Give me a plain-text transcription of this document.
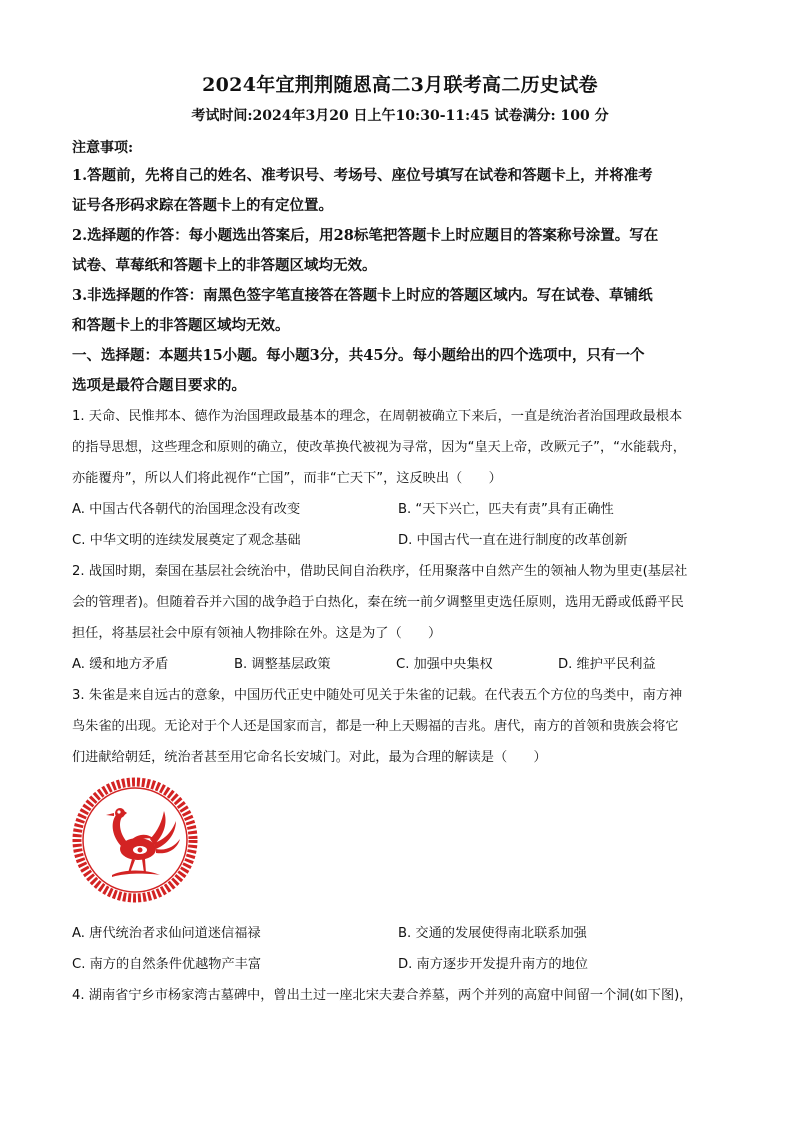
2024年宜荆荆随恩高二3月联考高二历史试卷
考试时间:2024年3月20 日上午10:30-11:45 试卷满分: 100 分
注意事项:
1.答题前，先将自己的姓名、准考识号、考场号、座位号填写在试卷和答题卡上，并将准考
证号各形码求踪在答题卡上的有定位置。
2.选择题的作答：每小题选出答案后，用28标笔把答题卡上时应题目的答案称号涂置。写在
试卷、草莓纸和答题卡上的非答题区域均无效。
3.非选择题的作答：南黑色签字笔直接答在答题卡上时应的答题区域内。写在试卷、草铺纸
和答题卡上的非答题区域均无效。
一、选择题：本题共15小题。每小题3分，共45分。每小题给出的四个选项中，只有一个
选项是最符合题目要求的。
1. 天命、民惟邦本、德作为治国理政最基本的理念，在周朝被确立下来后，一直是统治者治国理政最根本
的指导思想，这些理念和原则的确立，使改革换代被视为寻常，因为“皇天上帝，改厥元子”，“水能载舟，
亦能覆舟”，所以人们将此视作“亡国”，而非“亡天下”，这反映出（　　）
A. 中国古代各朝代的治国理念没有改变	B. “天下兴亡，匹夫有责”具有正确性
C. 中华文明的连续发展奠定了观念基础	D. 中国古代一直在进行制度的改革创新
2. 战国时期，秦国在基层社会统治中，借助民间自治秩序，任用聚落中自然产生的领袖人物为里吏(基层社
会的管理者)。但随着吞并六国的战争趋于白热化，秦在统一前夕调整里吏选任原则，选用无爵或低爵平民
担任，将基层社会中原有领袖人物排除在外。这是为了（　　）
A. 缓和地方矛盾	B. 调整基层政策	C. 加强中央集权	D. 维护平民利益
3. 朱雀是来自远古的意象，中国历代正史中随处可见关于朱雀的记载。在代表五个方位的鸟类中，南方神
鸟朱雀的出现。无论对于个人还是国家而言，都是一种上天赐福的吉兆。唐代，南方的首领和贵族会将它
们进献给朝廷，统治者甚至用它命名长安城门。对此，最为合理的解读是（　　）
A. 唐代统治者求仙问道迷信福禄	B. 交通的发展使得南北联系加强
C. 南方的自然条件优越物产丰富	D. 南方逐步开发提升南方的地位
4. 湖南省宁乡市杨家湾古墓碑中，曾出土过一座北宋夫妻合养墓，两个并列的高窟中间留一个洞(如下图)，
